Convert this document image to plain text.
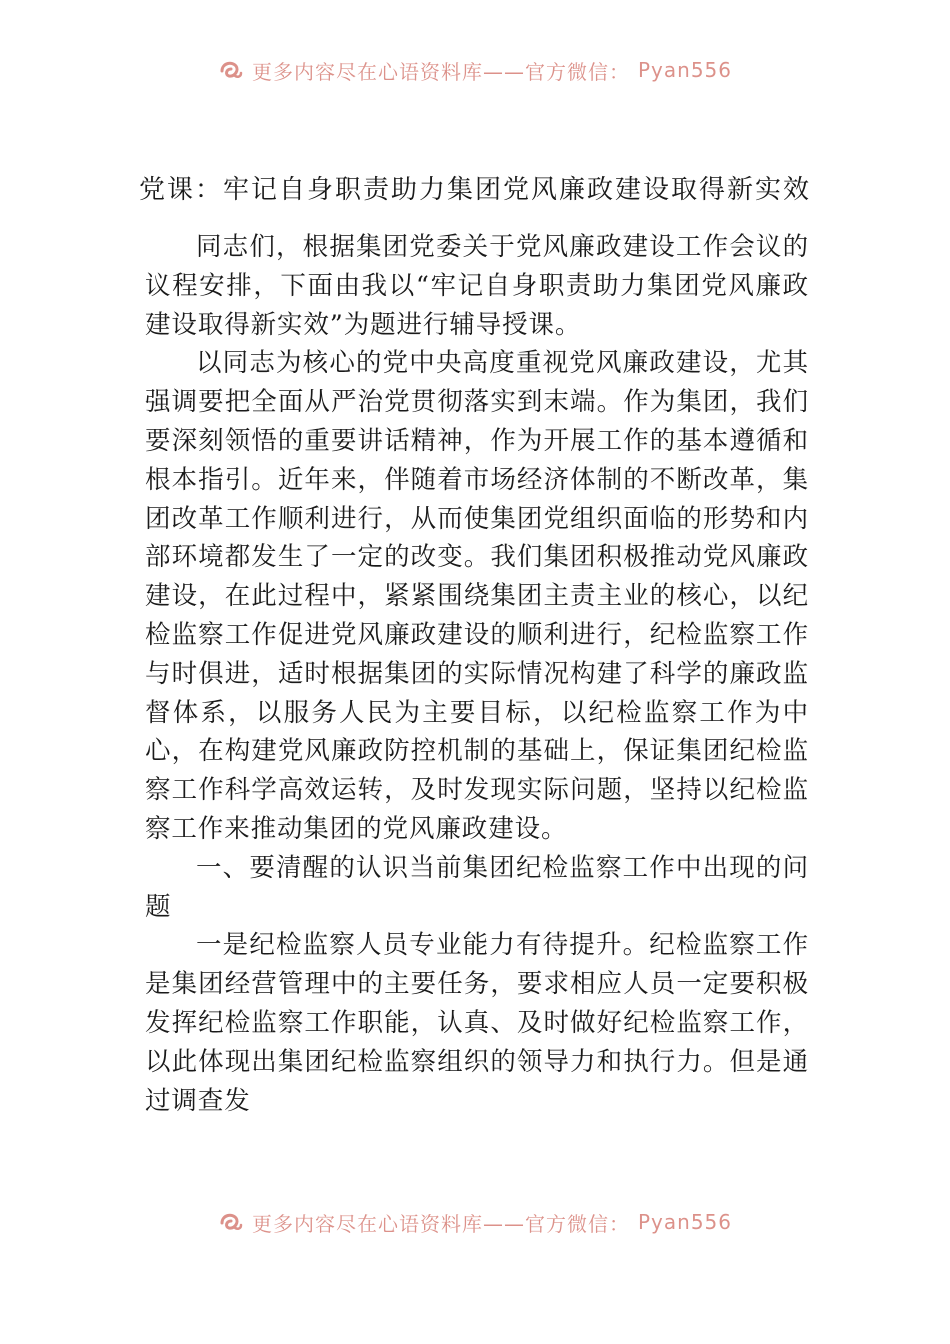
更多内容尽在心语资料库——官方微信： Pyan556
党课：牢记自身职责助力集团党风廉政建设取得新实效

同志们，根据集团党委关于党风廉政建设工作会议的议程安排，下面由我以“牢记自身职责助力集团党风廉政建设取得新实效”为题进行辅导授课。

以同志为核心的党中央高度重视党风廉政建设，尤其强调要把全面从严治党贯彻落实到末端。作为集团，我们要深刻领悟的重要讲话精神，作为开展工作的基本遵循和根本指引。近年来，伴随着市场经济体制的不断改革，集团改革工作顺利进行，从而使集团党组织面临的形势和内部环境都发生了一定的改变。我们集团积极推动党风廉政建设，在此过程中，紧紧围绕集团主责主业的核心，以纪检监察工作促进党风廉政建设的顺利进行，纪检监察工作与时俱进，适时根据集团的实际情况构建了科学的廉政监督体系，以服务人民为主要目标，以纪检监察工作为中心，在构建党风廉政防控机制的基础上，保证集团纪检监察工作科学高效运转，及时发现实际问题，坚持以纪检监察工作来推动集团的党风廉政建设。

一、要清醒的认识当前集团纪检监察工作中出现的问题

一是纪检监察人员专业能力有待提升。纪检监察工作是集团经营管理中的主要任务，要求相应人员一定要积极发挥纪检监察工作职能，认真、及时做好纪检监察工作，以此体现出集团纪检监察组织的领导力和执行力。但是通过调查发

更多内容尽在心语资料库——官方微信： Pyan556
